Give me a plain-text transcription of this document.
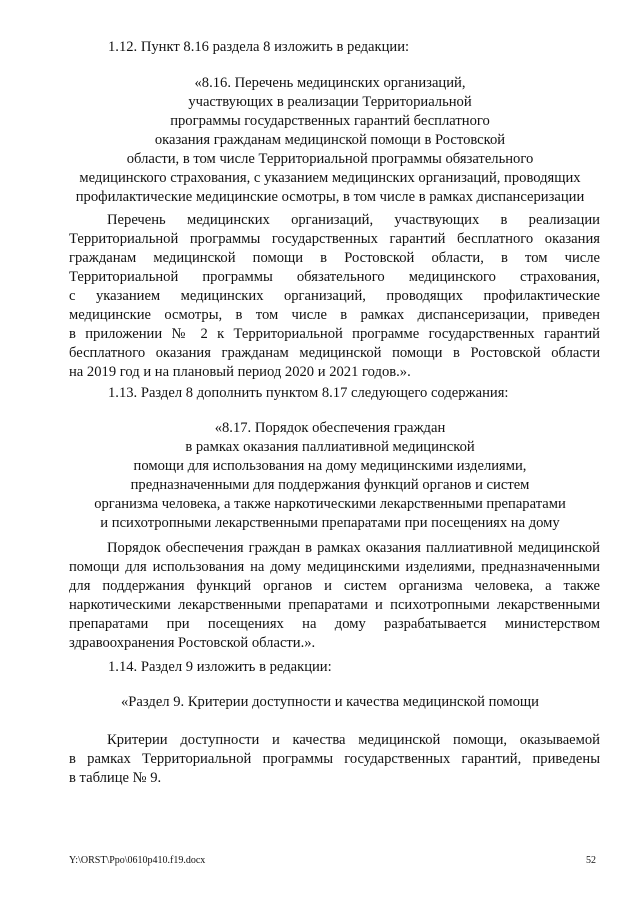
1.12. Пункт 8.16 раздела 8 изложить в редакции:

«8.16. Перечень медицинских организаций,
участвующих в реализации Территориальной
программы государственных гарантий бесплатного
оказания гражданам медицинской помощи в Ростовской
области, в том числе Территориальной программы обязательного
медицинского страхования, с указанием медицинских организаций, проводящих
профилактические медицинские осмотры, в том числе в рамках диспансеризации
Перечень медицинских организаций, участвующих в реализации
Территориальной программы государственных гарантий бесплатного оказания
гражданам медицинской помощи в Ростовской области, в том числе
Территориальной программы обязательного медицинского страхования,
с указанием медицинских организаций, проводящих профилактические
медицинские осмотры, в том числе в рамках диспансеризации, приведен
в приложении № 2 к Территориальной программе государственных гарантий
бесплатного оказания гражданам медицинской помощи в Ростовской области
на 2019 год и на плановый период 2020 и 2021 годов.».

1.13. Раздел 8 дополнить пунктом 8.17 следующего содержания:

«8.17. Порядок обеспечения граждан
в рамках оказания паллиативной медицинской
помощи для использования на дому медицинскими изделиями,
предназначенными для поддержания функций органов и систем
организма человека, а также наркотическими лекарственными препаратами
и психотропными лекарственными препаратами при посещениях на дому
Порядок обеспечения граждан в рамках оказания паллиативной медицинской
помощи для использования на дому медицинскими изделиями, предназначенными
для поддержания функций органов и систем организма человека, а также
наркотическими лекарственными препаратами и психотропными лекарственными
препаратами при посещениях на дому разрабатывается министерством
здравоохранения Ростовской области.».

1.14. Раздел 9 изложить в редакции:

«Раздел 9. Критерии доступности и качества медицинской помощи

Критерии доступности и качества медицинской помощи, оказываемой
в рамках Территориальной программы государственных гарантий, приведены
в таблице № 9.
Y:\ORST\Ppo\0610p410.f19.docx	52
